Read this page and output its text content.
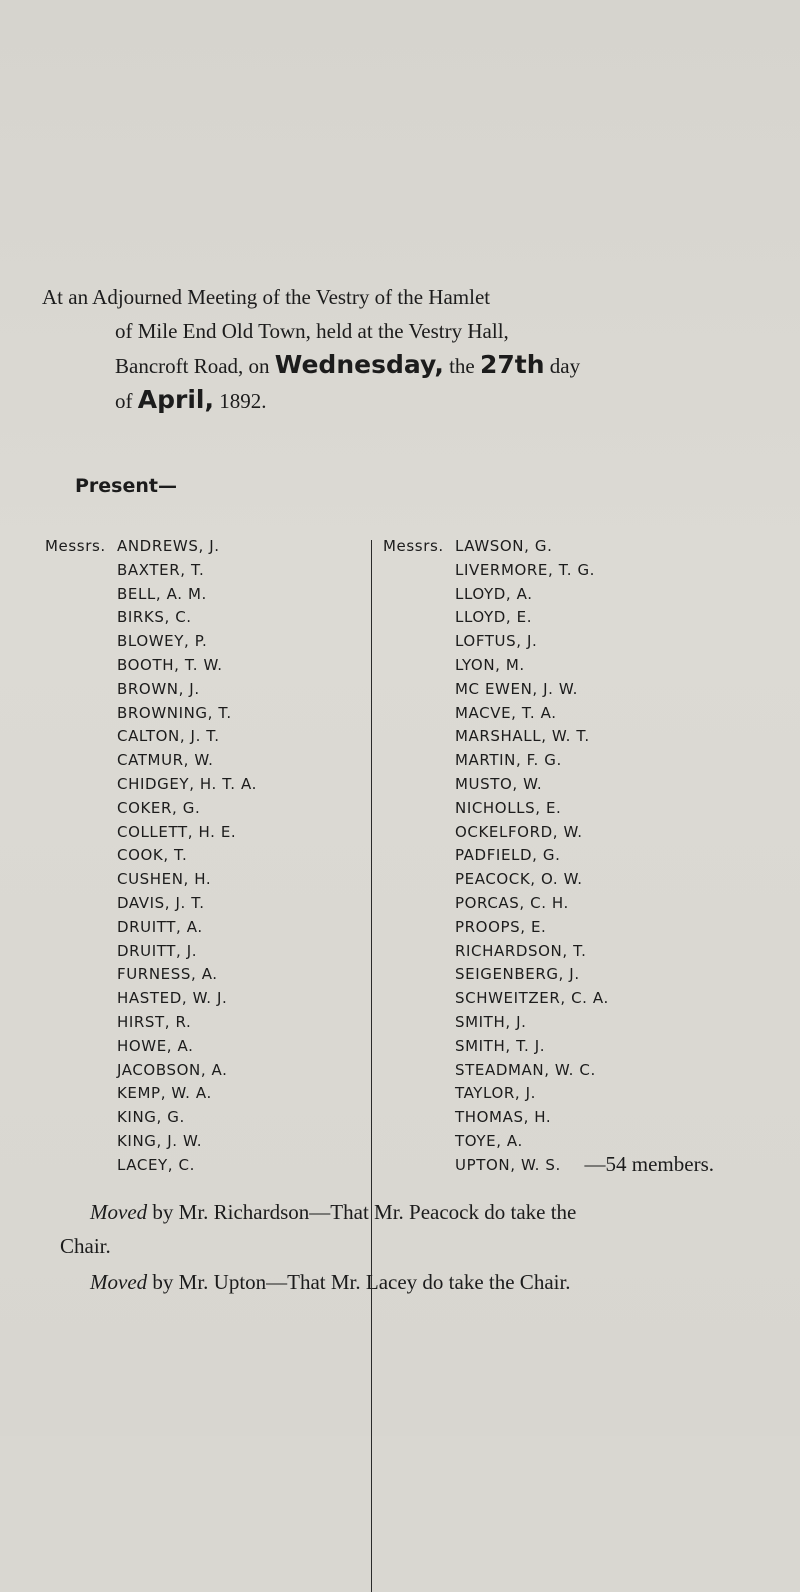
At an Adjourned Meeting of the Vestry of the Hamlet
of Mile End Old Town, held at the Vestry Hall,
Bancroft Road, on Wednesday, the 27th day
of April, 1892.
Present—
Messrs. ANDREWS, J.
BAXTER, T.
BELL, A. M.
BIRKS, C.
BLOWEY, P.
BOOTH, T. W.
BROWN, J.
BROWNING, T.
CALTON, J. T.
CATMUR, W.
CHIDGEY, H. T. A.
COKER, G.
COLLETT, H. E.
COOK, T.
CUSHEN, H.
DAVIS, J. T.
DRUITT, A.
DRUITT, J.
FURNESS, A.
HASTED, W. J.
HIRST, R.
HOWE, A.
JACOBSON, A.
KEMP, W. A.
KING, G.
KING, J. W.
LACEY, C.
Messrs. LAWSON, G.
LIVERMORE, T. G.
LLOYD, A.
LLOYD, E.
LOFTUS, J.
LYON, M.
MC EWEN, J. W.
MACVE, T. A.
MARSHALL, W. T.
MARTIN, F. G.
MUSTO, W.
NICHOLLS, E.
OCKELFORD, W.
PADFIELD, G.
PEACOCK, O. W.
PORCAS, C. H.
PROOPS, E.
RICHARDSON, T.
SEIGENBERG, J.
SCHWEITZER, C. A.
SMITH, J.
SMITH, T. J.
STEADMAN, W. C.
TAYLOR, J.
THOMAS, H.
TOYE, A.
UPTON, W. S.	—54 members.
Moved by Mr. Richardson—That Mr. Peacock do take the
Chair.
Moved by Mr. Upton—That Mr. Lacey do take the Chair.
